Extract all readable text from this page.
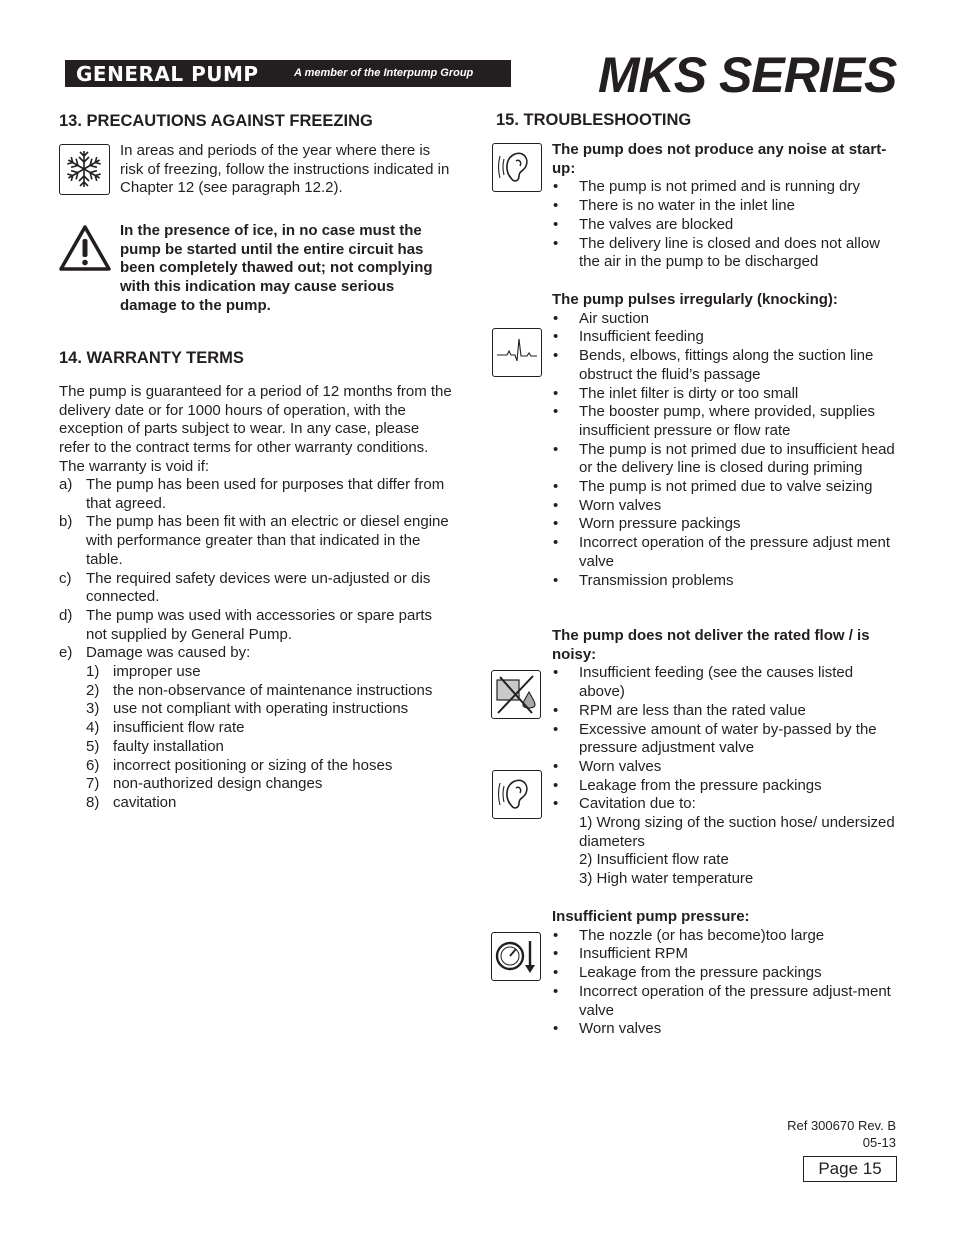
GENERAL PUMP	A member of the Interpump Group MKS SERIES
13. PRECAUTIONS AGAINST FREEZING

In areas and periods of the year where there is risk of freezing, follow the instructions indicated in Chapter 12 (see paragraph 12.2).

In the presence of ice, in no case must the pump be started until the entire circuit has been completely thawed out; not complying with this indication may cause serious damage to the pump.

14. WARRANTY TERMS

The pump is guaranteed for a period of 12 months from the delivery date or for 1000 hours of operation, with the exception of parts subject to wear. In any case, please refer to the contract terms for other warranty conditions. The warranty is void if:

a) The pump has been used for purposes that differ from that agreed.
b) The pump has been fit with an electric or diesel engine with performance greater than that indicated in the table.
c) The required safety devices were un-adjusted or dis connected.
d) The pump was used with accessories or spare parts not supplied by General Pump.
e) Damage was caused by:
1) improper use
2) the non-observance of maintenance instructions
3) use not compliant with operating instructions
4) insufficient flow rate
5) faulty installation
6) incorrect positioning or sizing of the hoses
7) non-authorized design changes
8) cavitation
15. TROUBLESHOOTING
The pump does not produce any noise at start-up:
• The pump is not primed and is running dry
• There is no water in the inlet line
• The valves are blocked
• The delivery line is closed and does not allow the air in the pump to be discharged
The pump pulses irregularly (knocking):
• Air suction
• Insufficient feeding
• Bends, elbows, fittings along the suction line obstruct the fluid’s passage
• The inlet filter is dirty or too small
• The booster pump, where provided, supplies insufficient pressure or flow rate
• The pump is not primed due to insufficient head or the delivery line is closed during priming
• The pump is not primed due to valve seizing
• Worn valves
• Worn pressure packings
• Incorrect operation of the pressure adjust ment valve
• Transmission problems
The pump does not deliver the rated flow / is noisy:
• Insufficient feeding (see the causes listed above)
• RPM are less than the rated value
• Excessive amount of water by-passed by the pressure adjustment valve
• Worn valves
• Leakage from the pressure packings
• Cavitation due to:
1) Wrong sizing of the suction hose/ undersized diameters
2) Insufficient flow rate
3) High water temperature
Insufficient pump pressure:
• The nozzle (or has become)too large
• Insufficient RPM
• Leakage from the pressure packings
• Incorrect operation of the pressure adjust-ment valve
• Worn valves
Ref 300670 Rev. B
05-13
Page 15
